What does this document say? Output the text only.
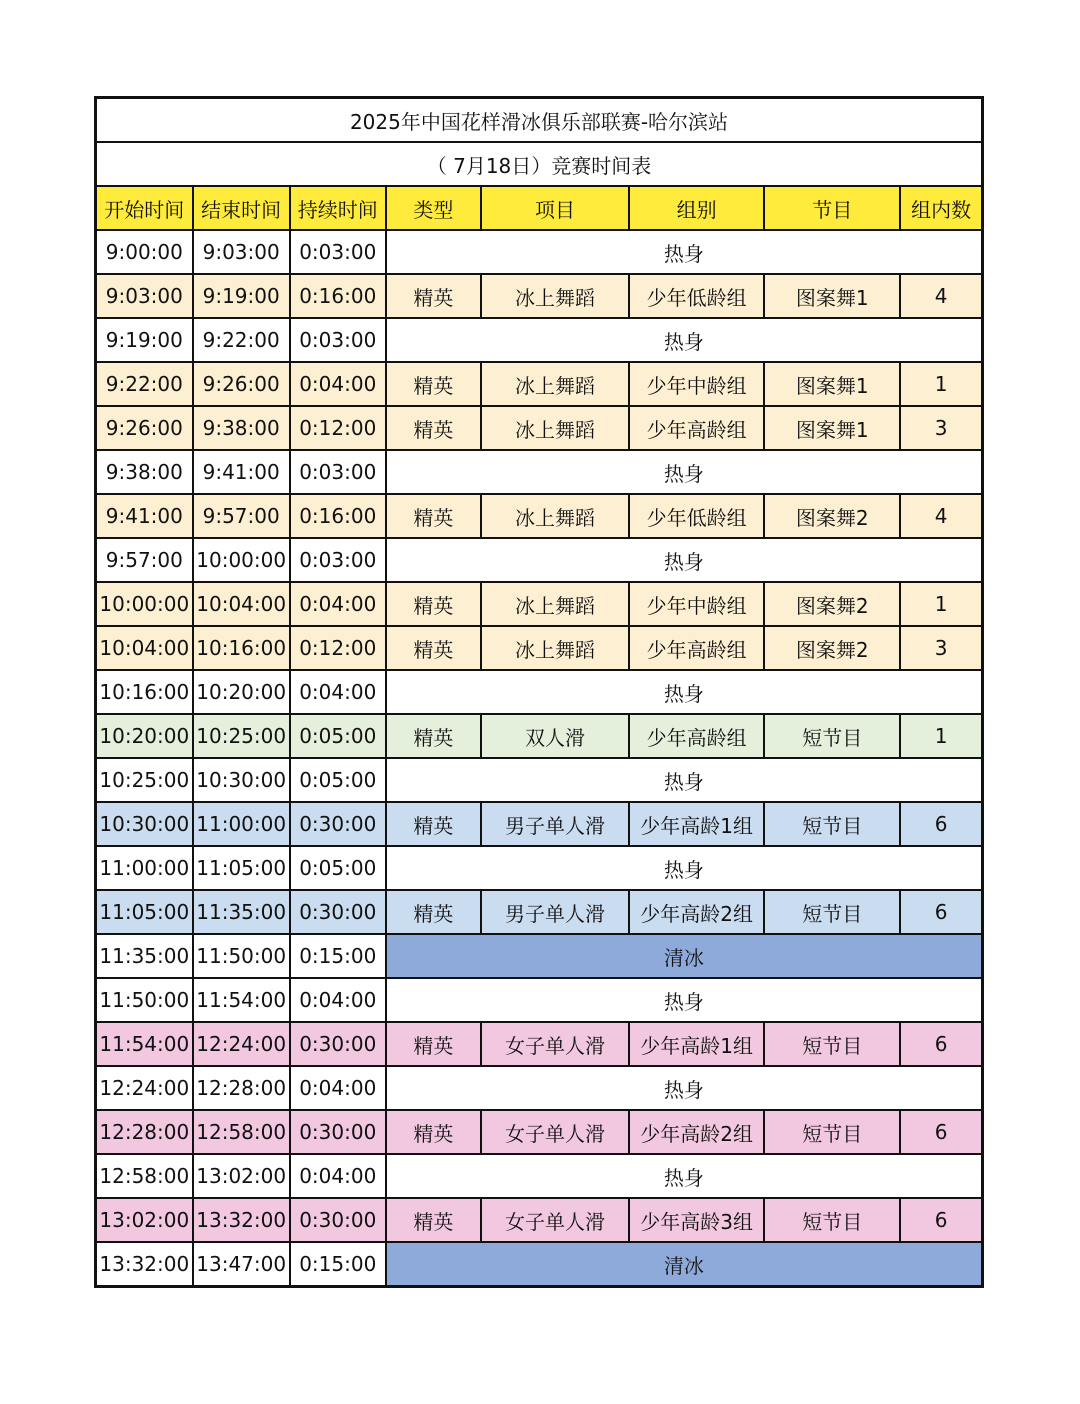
2025年中国花样滑冰俱乐部联赛-哈尔滨站							
（ 7月18日）竞赛时间表							
开始时间	结束时间	持续时间	类型	项目	组别	节目	组内数
9:00:00	9:03:00	0:03:00	热身				
9:03:00	9:19:00	0:16:00	精英	冰上舞蹈	少年低龄组	图案舞1	4
9:19:00	9:22:00	0:03:00	热身				
9:22:00	9:26:00	0:04:00	精英	冰上舞蹈	少年中龄组	图案舞1	1
9:26:00	9:38:00	0:12:00	精英	冰上舞蹈	少年高龄组	图案舞1	3
9:38:00	9:41:00	0:03:00	热身				
9:41:00	9:57:00	0:16:00	精英	冰上舞蹈	少年低龄组	图案舞2	4
9:57:00	10:00:00	0:03:00	热身				
10:00:00	10:04:00	0:04:00	精英	冰上舞蹈	少年中龄组	图案舞2	1
10:04:00	10:16:00	0:12:00	精英	冰上舞蹈	少年高龄组	图案舞2	3
10:16:00	10:20:00	0:04:00	热身				
10:20:00	10:25:00	0:05:00	精英	双人滑	少年高龄组	短节目	1
10:25:00	10:30:00	0:05:00	热身				
10:30:00	11:00:00	0:30:00	精英	男子单人滑	少年高龄1组	短节目	6
11:00:00	11:05:00	0:05:00	热身				
11:05:00	11:35:00	0:30:00	精英	男子单人滑	少年高龄2组	短节目	6
11:35:00	11:50:00	0:15:00	清冰				
11:50:00	11:54:00	0:04:00	热身				
11:54:00	12:24:00	0:30:00	精英	女子单人滑	少年高龄1组	短节目	6
12:24:00	12:28:00	0:04:00	热身				
12:28:00	12:58:00	0:30:00	精英	女子单人滑	少年高龄2组	短节目	6
12:58:00	13:02:00	0:04:00	热身				
13:02:00	13:32:00	0:30:00	精英	女子单人滑	少年高龄3组	短节目	6
13:32:00	13:47:00	0:15:00	清冰				
